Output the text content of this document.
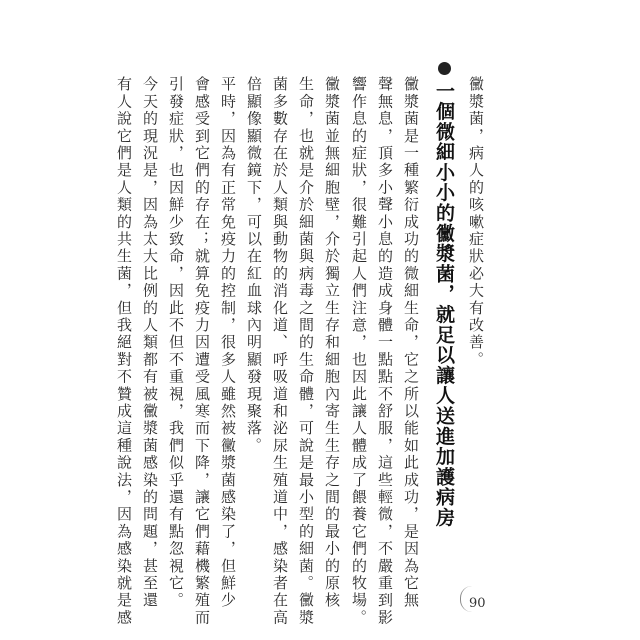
黴漿菌，病人的咳嗽症狀必大有改善。
一個微細小小的黴漿菌，就足以讓人送進加護病房
黴漿菌是一種繁衍成功的微細生命，它之所以能如此成功，是因為它無
聲無息，頂多小聲小息的造成身體一點點不舒服，這些輕微，不嚴重到影
響作息的症狀，很難引起人們注意，也因此讓人體成了餵養它們的牧場。
黴漿菌並無細胞壁，介於獨立生存和細胞內寄生生存之間的最小的原核
生命，也就是介於細菌與病毒之間的生命體，可說是最小型的細菌。黴漿
菌多數存在於人類與動物的消化道、呼吸道和泌尿生殖道中，感染者在高
倍顯像顯微鏡下，可以在紅血球內明顯發現聚落。
平時，因為有正常免疫力的控制，很多人雖然被黴漿菌感染了，但鮮少
會感受到它們的存在；就算免疫力因遭受風寒而下降，讓它們藉機繁殖而
引發症狀，也因鮮少致命，因此不但不重視，我們似乎還有點忽視它。
今天的現況是，因為太大比例的人類都有被黴漿菌感染的問題，甚至還
有人說它們是人類的共生菌，但我絕對不贊成這種說法，因為感染就是感	90
